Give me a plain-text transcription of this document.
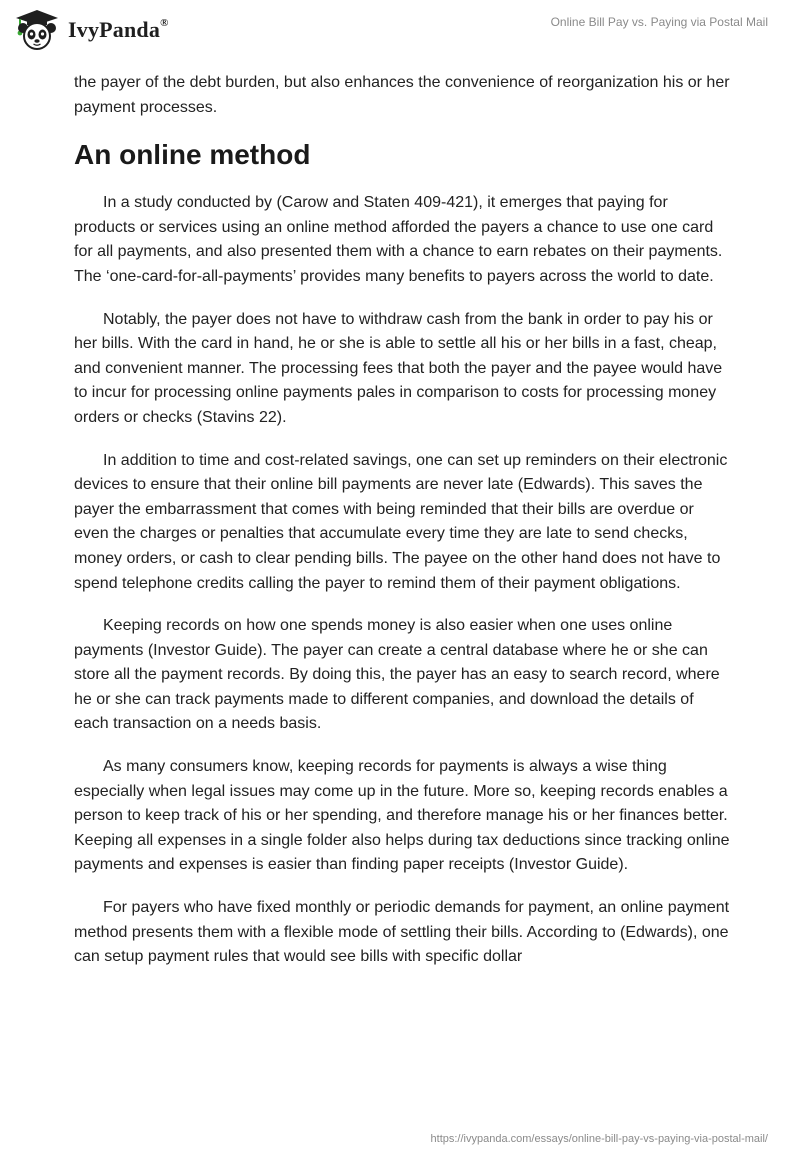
IvyPanda®	Online Bill Pay vs. Paying via Postal Mail

the payer of the debt burden, but also enhances the convenience of reorganization his or her payment processes.

An online method

In a study conducted by (Carow and Staten 409-421), it emerges that paying for products or services using an online method afforded the payers a chance to use one card for all payments, and also presented them with a chance to earn rebates on their payments. The ‘one-card-for-all-payments’ provides many benefits to payers across the world to date.

Notably, the payer does not have to withdraw cash from the bank in order to pay his or her bills. With the card in hand, he or she is able to settle all his or her bills in a fast, cheap, and convenient manner. The processing fees that both the payer and the payee would have to incur for processing online payments pales in comparison to costs for processing money orders or checks (Stavins 22).

In addition to time and cost-related savings, one can set up reminders on their electronic devices to ensure that their online bill payments are never late (Edwards). This saves the payer the embarrassment that comes with being reminded that their bills are overdue or even the charges or penalties that accumulate every time they are late to send checks, money orders, or cash to clear pending bills. The payee on the other hand does not have to spend telephone credits calling the payer to remind them of their payment obligations.

Keeping records on how one spends money is also easier when one uses online payments (Investor Guide). The payer can create a central database where he or she can store all the payment records. By doing this, the payer has an easy to search record, where he or she can track payments made to different companies, and download the details of each transaction on a needs basis.

As many consumers know, keeping records for payments is always a wise thing especially when legal issues may come up in the future. More so, keeping records enables a person to keep track of his or her spending, and therefore manage his or her finances better. Keeping all expenses in a single folder also helps during tax deductions since tracking online payments and expenses is easier than finding paper receipts (Investor Guide).

For payers who have fixed monthly or periodic demands for payment, an online payment method presents them with a flexible mode of settling their bills. According to (Edwards), one can setup payment rules that would see bills with specific dollar

https://ivypanda.com/essays/online-bill-pay-vs-paying-via-postal-mail/
